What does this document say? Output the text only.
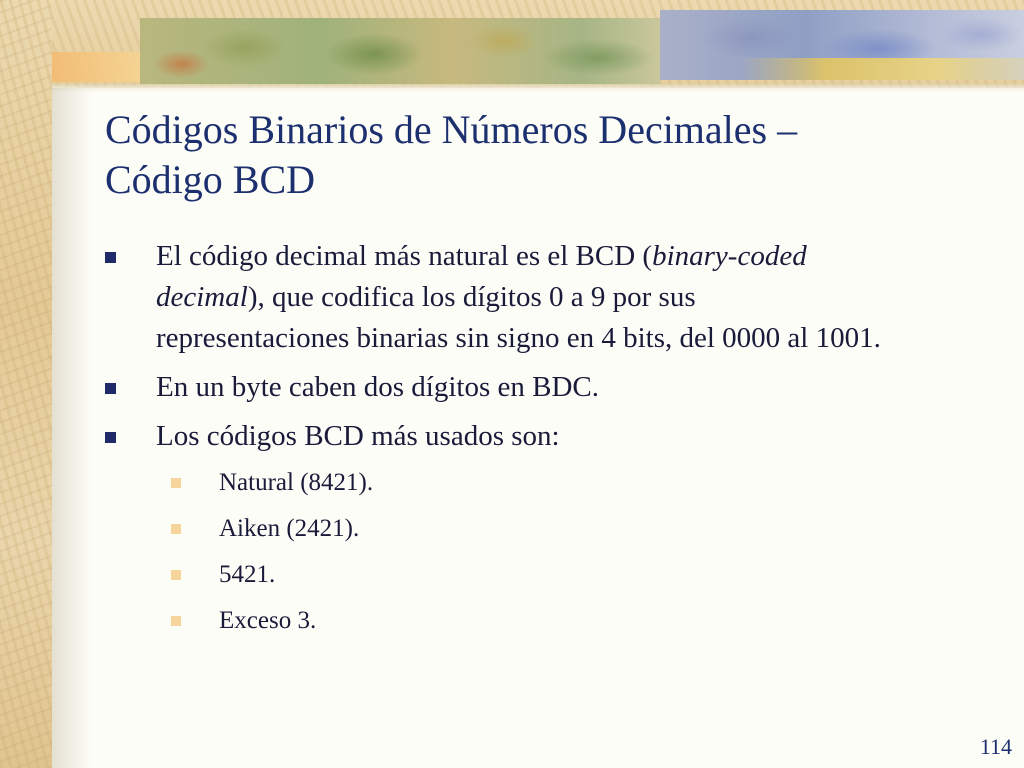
Códigos Binarios de Números Decimales –
Código BCD
El código decimal más natural es el BCD (binary-coded
decimal), que codifica los dígitos 0 a 9 por sus
representaciones binarias sin signo en 4 bits, del 0000 al 1001.
En un byte caben dos dígitos en BDC.
Los códigos BCD más usados son:
Natural (8421).
Aiken (2421).
5421.
Exceso 3.
114
